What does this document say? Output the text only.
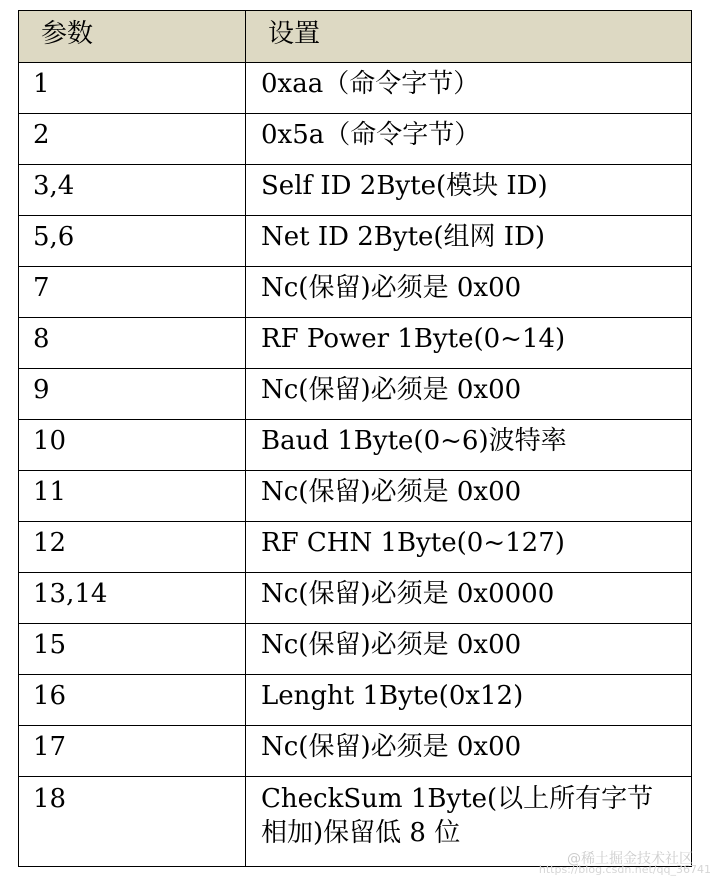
参数	设置
1	0xaa（命令字节）
2	0x5a（命令字节）
3,4	Self ID 2Byte(模块 ID)
5,6	Net ID 2Byte(组网 ID)
7	Nc(保留)必须是 0x00
8	RF Power 1Byte(0~14)
9	Nc(保留)必须是 0x00
10	Baud 1Byte(0~6)波特率
11	Nc(保留)必须是 0x00
12	RF CHN 1Byte(0~127)
13,14	Nc(保留)必须是 0x0000
15	Nc(保留)必须是 0x00
16	Lenght 1Byte(0x12)
17	Nc(保留)必须是 0x00
18	CheckSum 1Byte(以上所有字节相加)保留低 8 位
@稀土掘金技术社区
https://blog.csdn.net/qq_36741
